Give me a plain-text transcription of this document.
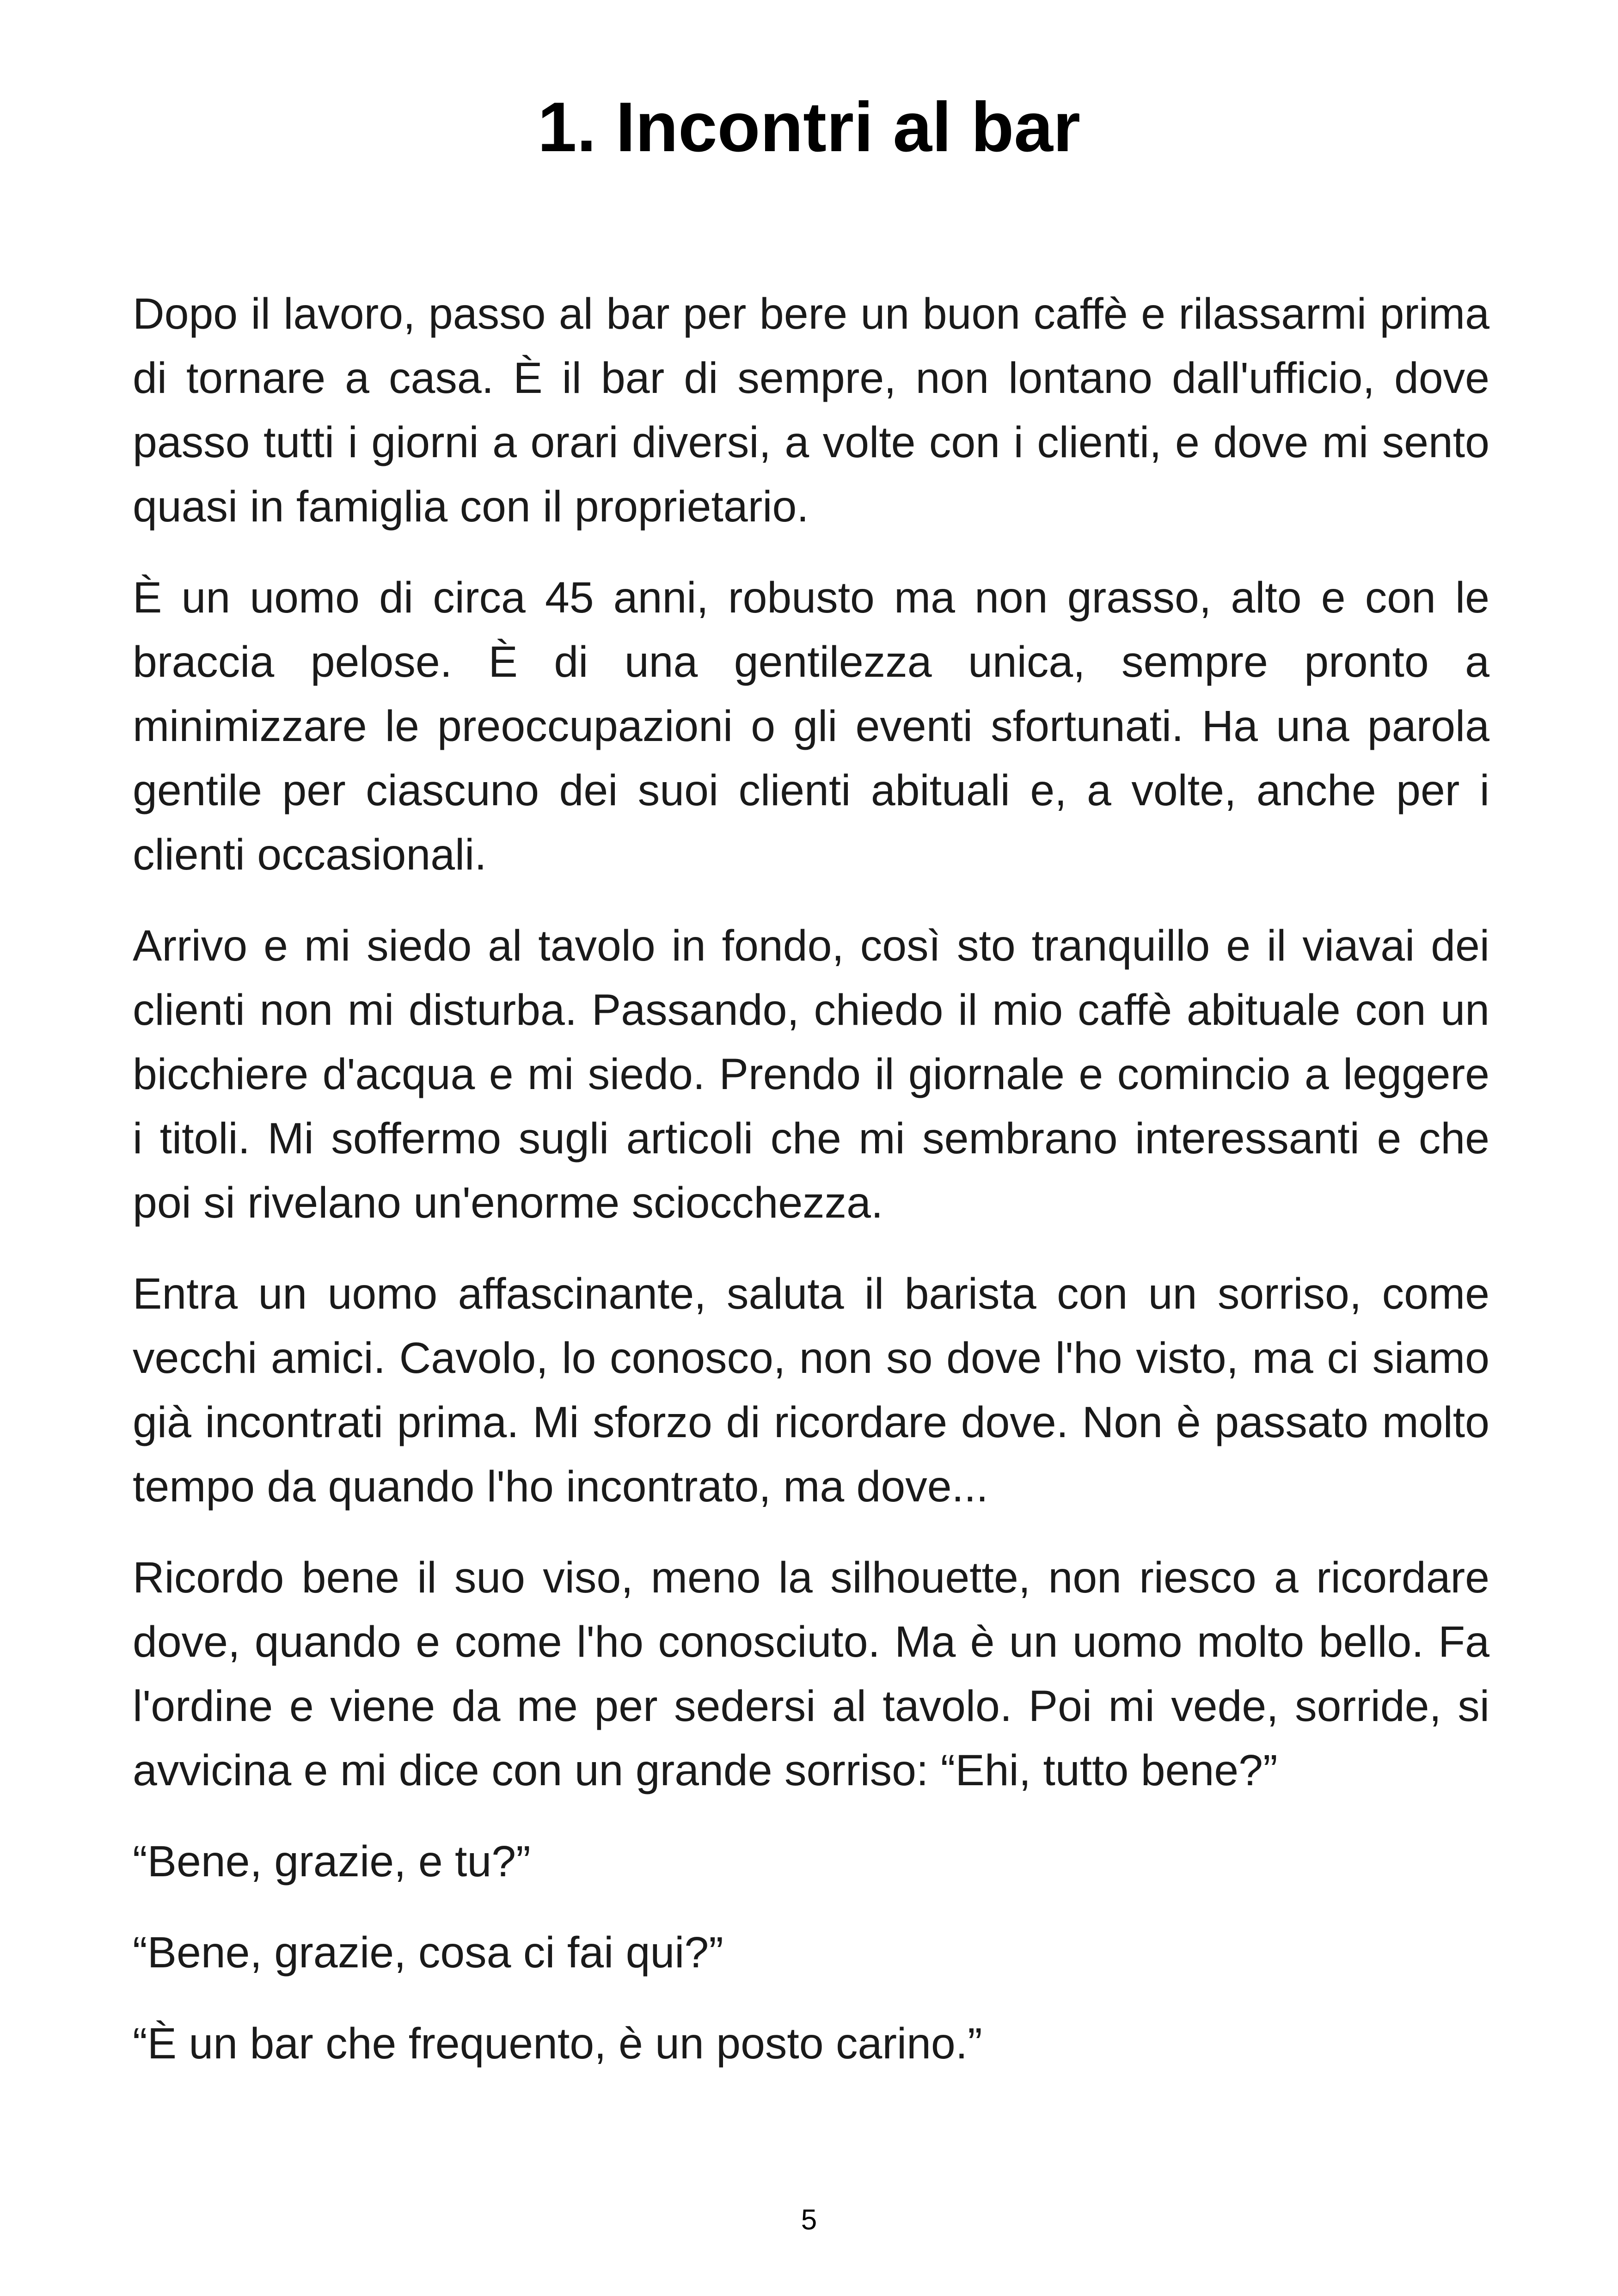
1. Incontri al bar

Dopo il lavoro, passo al bar per bere un buon caffè e rilassarmi prima di tornare a casa. È il bar di sempre, non lontano dall'ufficio, dove passo tutti i giorni a orari diversi, a volte con i clienti, e dove mi sento quasi in famiglia con il proprietario.

È un uomo di circa 45 anni, robusto ma non grasso, alto e con le braccia pelose. È di una gentilezza unica, sempre pronto a minimizzare le preoccupazioni o gli eventi sfortunati. Ha una parola gentile per ciascuno dei suoi clienti abituali e, a volte, anche per i clienti occasionali.

Arrivo e mi siedo al tavolo in fondo, così sto tranquillo e il viavai dei clienti non mi disturba. Passando, chiedo il mio caffè abituale con un bicchiere d'acqua e mi siedo. Prendo il giornale e comincio a leggere i titoli. Mi soffermo sugli articoli che mi sembrano interessanti e che poi si rivelano un'enorme sciocchezza.

Entra un uomo affascinante, saluta il barista con un sorriso, come vecchi amici. Cavolo, lo conosco, non so dove l'ho visto, ma ci siamo già incontrati prima. Mi sforzo di ricordare dove. Non è passato molto tempo da quando l'ho incontrato, ma dove...

Ricordo bene il suo viso, meno la silhouette, non riesco a ricordare dove, quando e come l'ho conosciuto. Ma è un uomo molto bello. Fa l'ordine e viene da me per sedersi al tavolo. Poi mi vede, sorride, si avvicina e mi dice con un grande sorriso: “Ehi, tutto bene?”

“Bene, grazie, e tu?”

“Bene, grazie, cosa ci fai qui?”

“È un bar che frequento, è un posto carino.”

5
